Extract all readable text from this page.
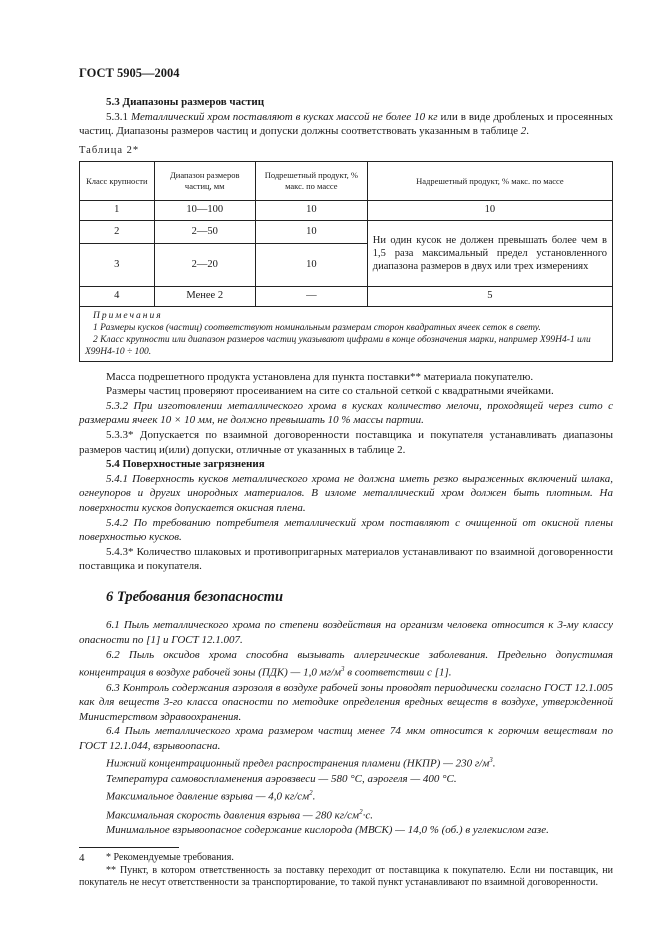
ГОСТ 5905—2004
5.3 Диапазоны размеров частиц

5.3.1 Металлический хром поставляют в кусках массой не более 10 кг или в виде дробленых и просеянных частиц. Диапазоны размеров частиц и допуски должны соответствовать указанным в таблице 2.

Таблица 2*
Класс крупности	Диапазон размеров частиц, мм	Подрешетный продукт, % макс. по массе	Надрешетный продукт, % макс. по массе
1	10—100	10	10
2	2—50	10	Ни один кусок не должен превышать более чем в 1,5 раза максимальный предел установленного диапазона размеров в двух или трех измерениях
3	2—20	10	
4	Менее 2	—	5

Примечания
1 Размеры кусков (частиц) соответствуют номинальным размерам сторон квадратных ячеек сеток в свету.
2 Класс крупности или диапазон размеров частиц указывают цифрами в конце обозначения марки, например Х99Н4-1 или Х99Н4-10 ÷ 100.			

Масса подрешетного продукта установлена для пункта поставки** материала покупателю.

Размеры частиц проверяют просеиванием на сите со стальной сеткой с квадратными ячейками.

5.3.2 При изготовлении металлического хрома в кусках количество мелочи, проходящей через сито с размерами ячеек 10 × 10 мм, не должно превышать 10 % массы партии.

5.3.3* Допускается по взаимной договоренности поставщика и покупателя устанавливать диапазоны размеров частиц и(или) допуски, отличные от указанных в таблице 2.

5.4 Поверхностные загрязнения

5.4.1 Поверхность кусков металлического хрома не должна иметь резко выраженных включений шлака, огнеупоров и других инородных материалов. В изломе металлический хром должен быть плотным. На поверхности кусков допускается окисная плена.

5.4.2 По требованию потребителя металлический хром поставляют с очищенной от окисной плены поверхностью кусков.

5.4.3* Количество шлаковых и противопригарных материалов устанавливают по взаимной договоренности поставщика и покупателя.

6 Требования безопасности

6.1 Пыль металлического хрома по степени воздействия на организм человека относится к 3-му классу опасности по [1] и ГОСТ 12.1.007.

6.2 Пыль оксидов хрома способна вызывать аллергические заболевания. Предельно допустимая концентрация в воздухе рабочей зоны (ПДК) — 1,0 $мг/м^3$ в соответствии с [1].

6.3 Контроль содержания аэрозоля в воздухе рабочей зоны проводят периодически согласно ГОСТ 12.1.005 как для веществ 3-го класса опасности по методике определения вредных веществ в воздухе, утвержденной Министерством здравоохранения.

6.4 Пыль металлического хрома размером частиц менее 74 мкм относится к горючим веществам по ГОСТ 12.1.044, взрывоопасна.

Нижний концентрационный предел распространения пламени (НКПР) — 230 $г/м^3$.

Температура самовоспламенения аэровзвеси — 580 °С, аэрогеля — 400 °С.

Максимальное давление взрыва — 4,0 $кг/см^2$.

Максимальная скорость давления взрыва — 280 $кг/см^2\cdot с$.

Минимальное взрывоопасное содержание кислорода (МВСК) — 14,0 % (об.) в углекислом газе.

* Рекомендуемые требования.

** Пункт, в котором ответственность за поставку переходит от поставщика к покупателю. Если ни поставщик, ни покупатель не несут ответственности за транспортирование, то такой пункт устанавливают по взаимной договоренности.

4
